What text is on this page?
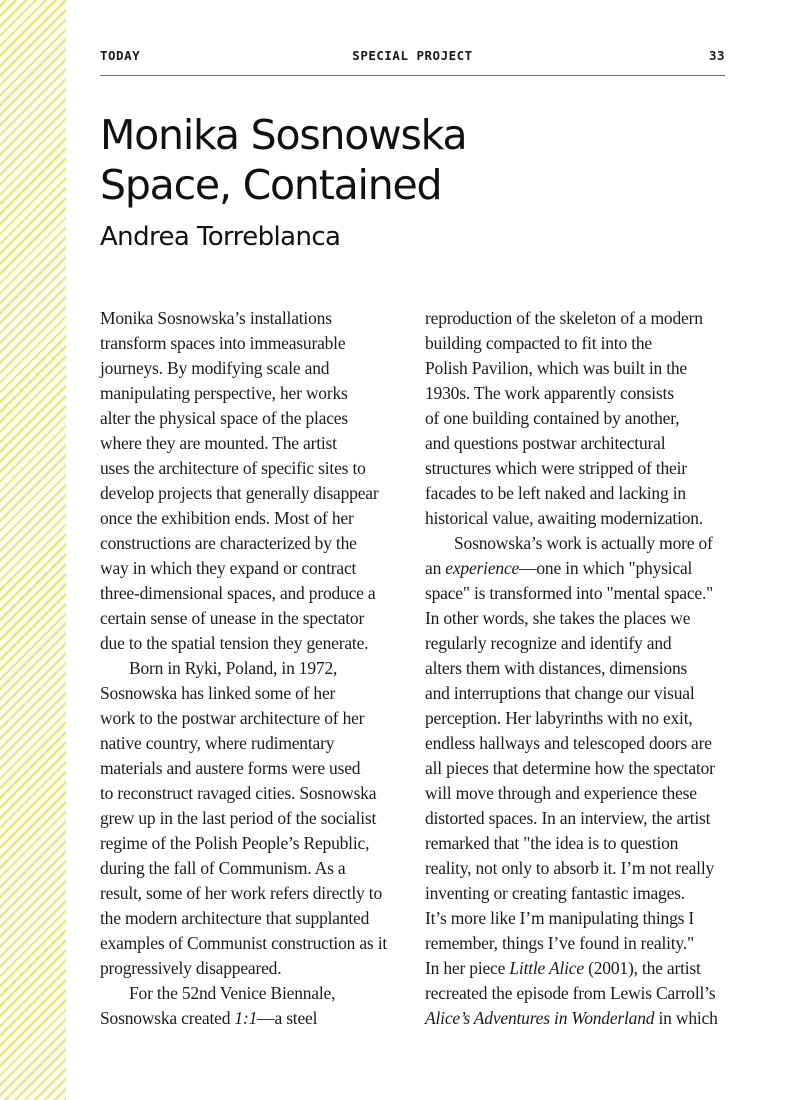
TODAY	SPECIAL PROJECT	33
Monika Sosnowska
Space, Contained
Andrea Torreblanca
Monika Sosnowska’s installations
transform spaces into immeasurable
journeys. By modifying scale and
manipulating perspective, her works
alter the physical space of the places
where they are mounted. The artist
uses the architecture of specific sites to
develop projects that generally disappear
once the exhibition ends. Most of her
constructions are characterized by the
way in which they expand or contract
three-dimensional spaces, and produce a
certain sense of unease in the spectator
due to the spatial tension they generate.
Born in Ryki, Poland, in 1972,
Sosnowska has linked some of her
work to the postwar architecture of her
native country, where rudimentary
materials and austere forms were used
to reconstruct ravaged cities. Sosnowska
grew up in the last period of the socialist
regime of the Polish People’s Republic,
during the fall of Communism. As a
result, some of her work refers directly to
the modern architecture that supplanted
examples of Communist construction as it
progressively disappeared.
For the 52nd Venice Biennale,
Sosnowska created 1:1—a steel
reproduction of the skeleton of a modern
building compacted to fit into the
Polish Pavilion, which was built in the
1930s. The work apparently consists
of one building contained by another,
and questions postwar architectural
structures which were stripped of their
facades to be left naked and lacking in
historical value, awaiting modernization.
Sosnowska’s work is actually more of
an experience—one in which "physical
space" is transformed into "mental space."
In other words, she takes the places we
regularly recognize and identify and
alters them with distances, dimensions
and interruptions that change our visual
perception. Her labyrinths with no exit,
endless hallways and telescoped doors are
all pieces that determine how the spectator
will move through and experience these
distorted spaces. In an interview, the artist
remarked that "the idea is to question
reality, not only to absorb it. I’m not really
inventing or creating fantastic images.
It’s more like I’m manipulating things I
remember, things I’ve found in reality."
In her piece Little Alice (2001), the artist
recreated the episode from Lewis Carroll’s
Alice’s Adventures in Wonderland in which
